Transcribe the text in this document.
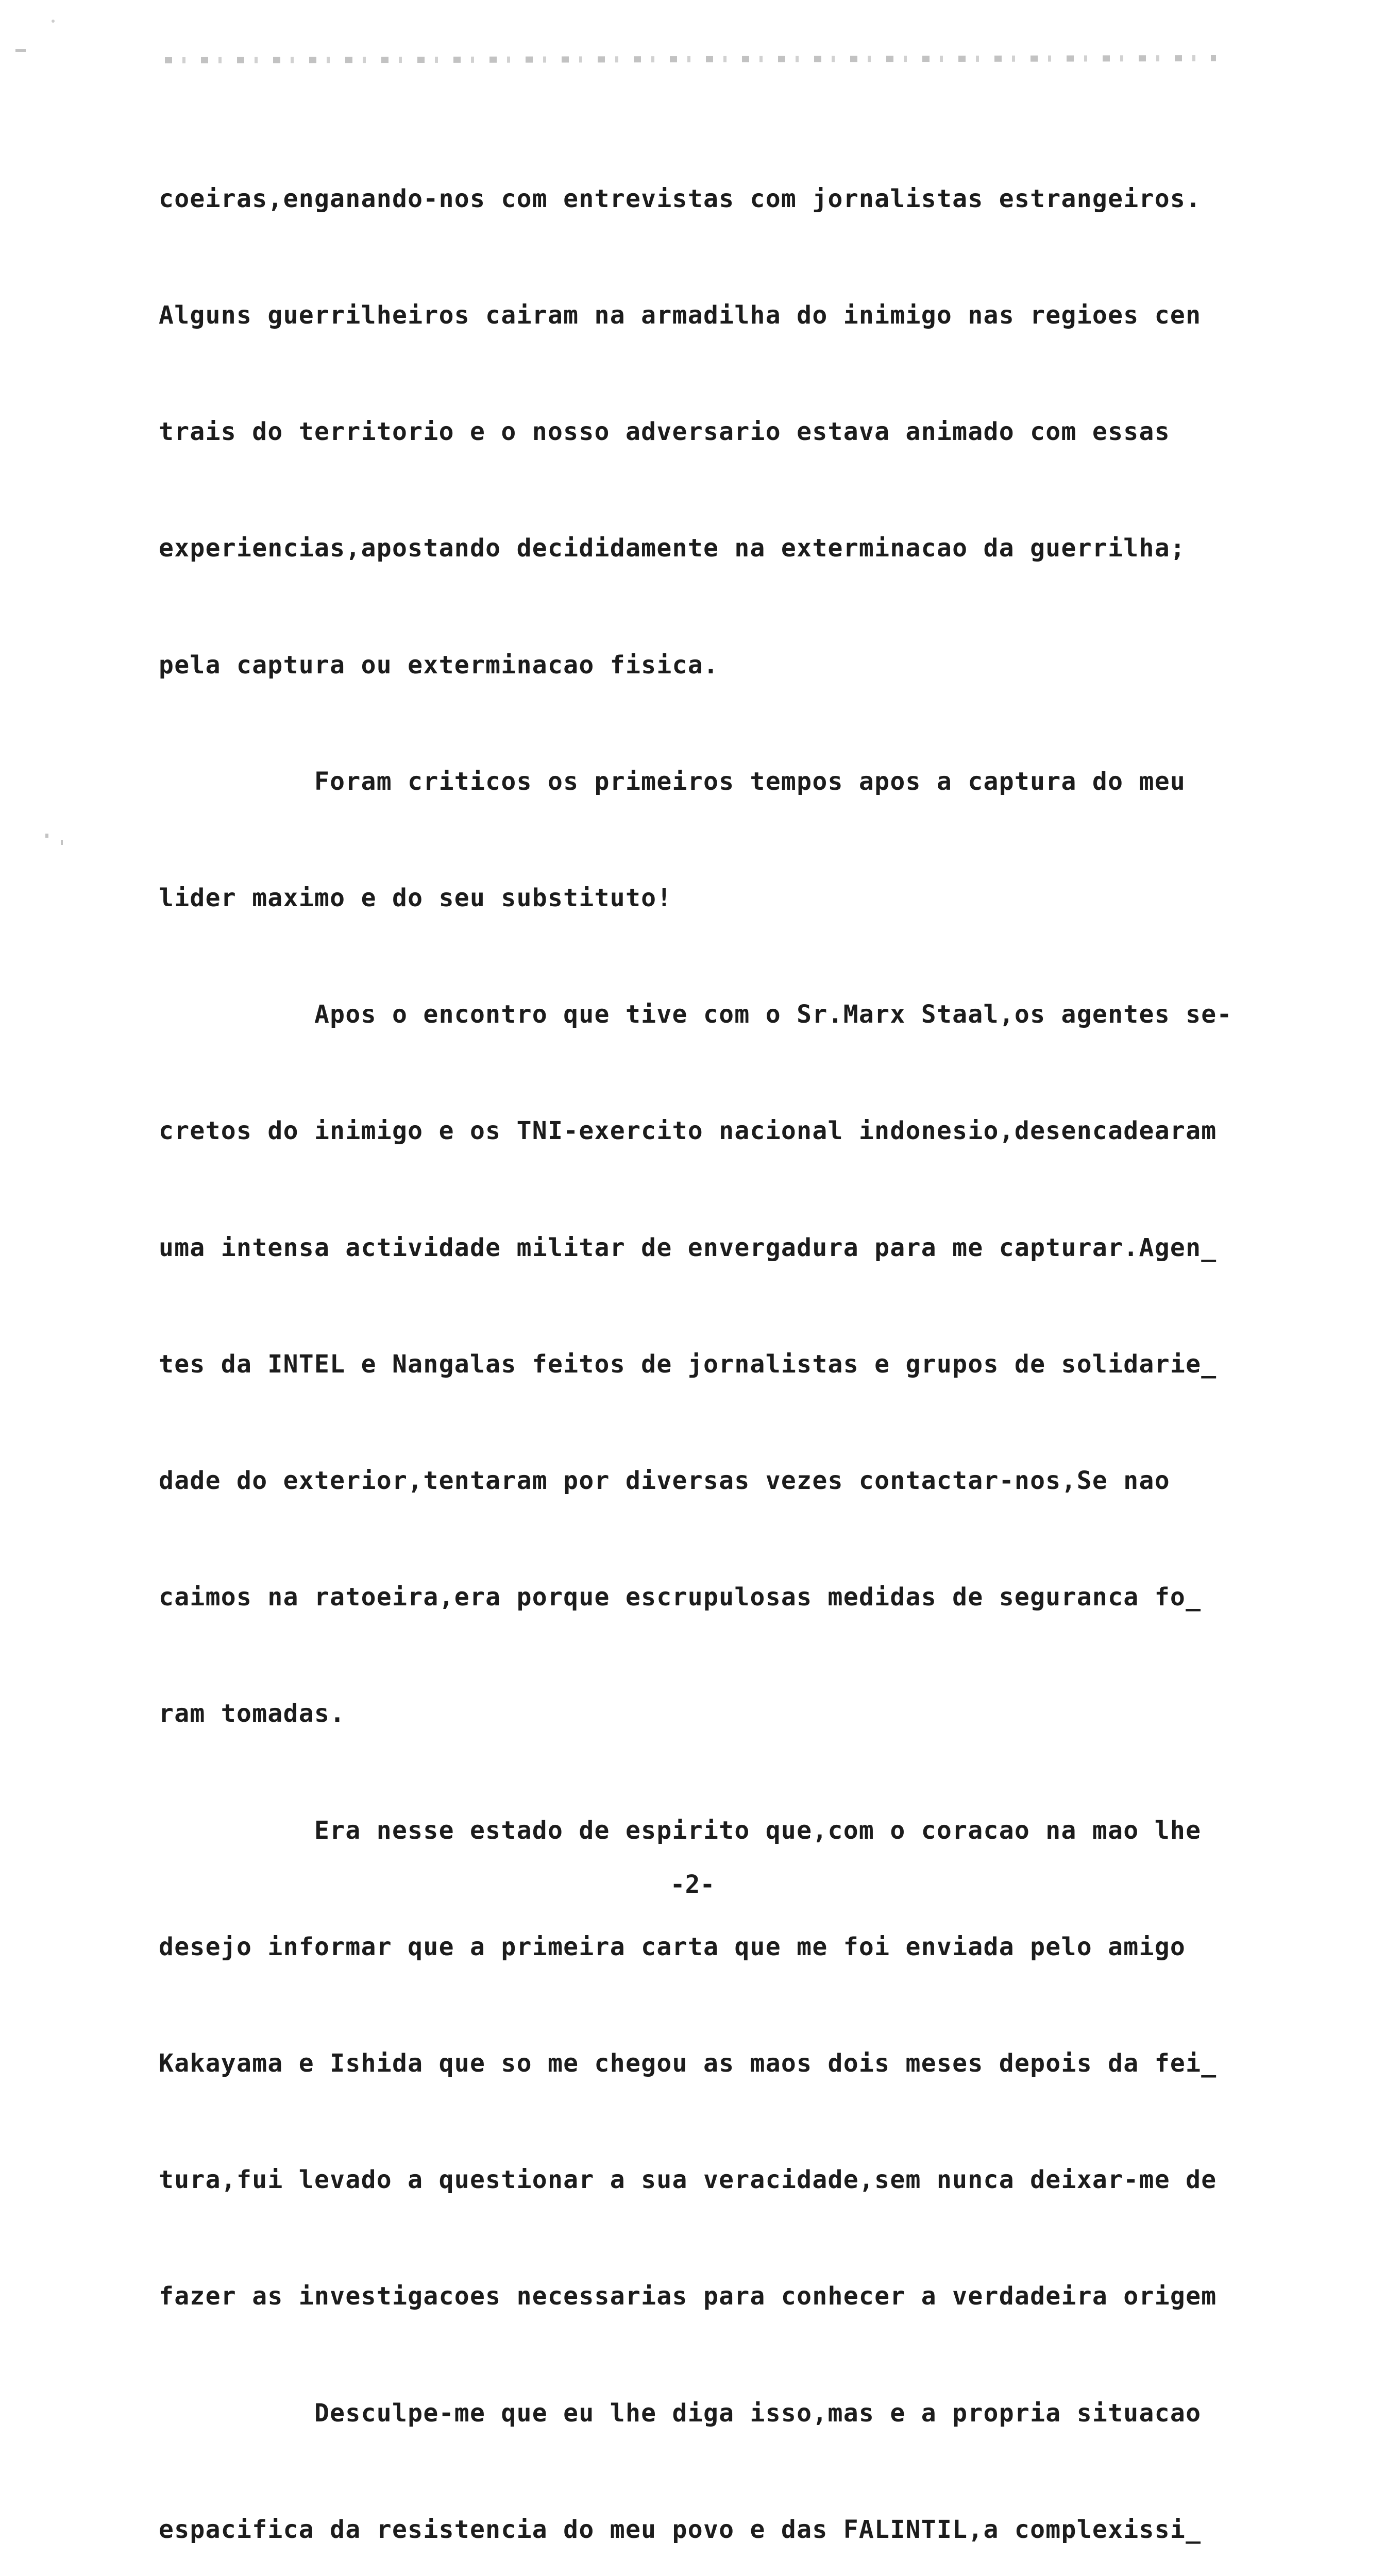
coeiras,enganando-nos com entrevistas com jornalistas estrangeiros.

Alguns guerrilheiros cairam na armadilha do inimigo nas regioes cen

trais do territorio e o nosso adversario estava animado com essas

experiencias,apostando decididamente na exterminacao da guerrilha;

pela captura ou exterminacao fisica.

Foram criticos os primeiros tempos apos a captura do meu

lider maximo e do seu substituto!

Apos o encontro que tive com o Sr.Marx Staal,os agentes se-

cretos do inimigo e os TNI-exercito nacional indonesio,desencadearam

uma intensa actividade militar de envergadura para me capturar.Agen_

tes da INTEL e Nangalas feitos de jornalistas e grupos de solidarie_

dade do exterior,tentaram por diversas vezes contactar-nos,Se nao

caimos na ratoeira,era porque escrupulosas medidas de seguranca fo_

ram tomadas.

Era nesse estado de espirito que,com o coracao na mao lhe

desejo informar que a primeira carta que me foi enviada pelo amigo

Kakayama e Ishida que so me chegou as maos dois meses depois da fei_

tura,fui levado a questionar a sua veracidade,sem nunca deixar-me de

fazer as investigacoes necessarias para conhecer a verdadeira origem

Desculpe-me que eu lhe diga isso,mas e a propria situacao

espacifica da resistencia do meu povo e das FALINTIL,a complexissi_

-2-
